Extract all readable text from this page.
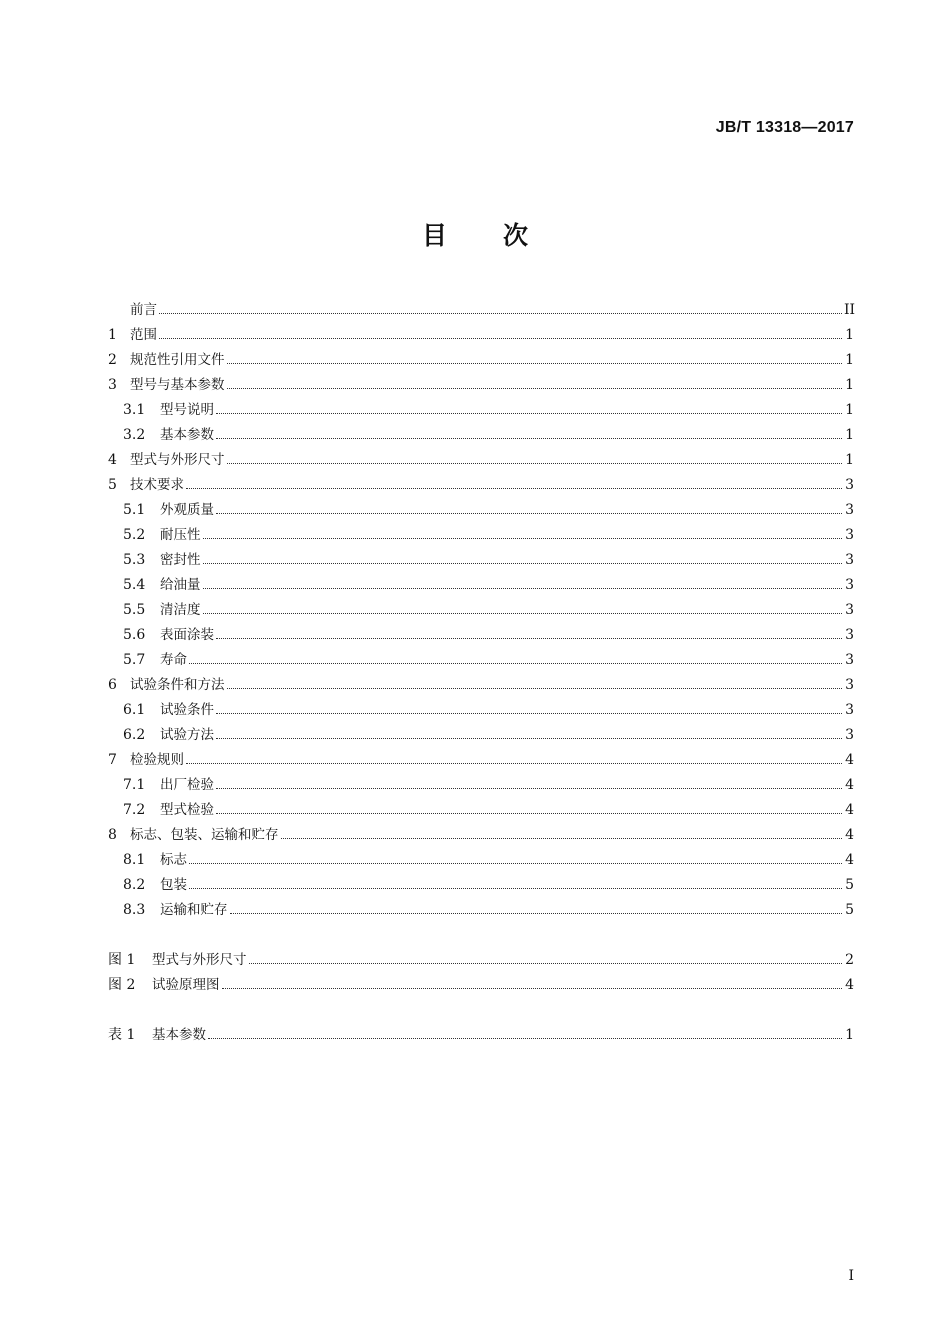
JB/T 13318—2017
目 次
前言	II
1 范围	1
2 规范性引用文件	1
3 型号与基本参数	1
3.1	型号说明	1
3.2	基本参数	1
4 型式与外形尺寸	1
5 技术要求	3
5.1	外观质量	3
5.2	耐压性	3
5.3	密封性	3
5.4	给油量	3
5.5	清洁度	3
5.6	表面涂装	3
5.7	寿命	3
6 试验条件和方法	3
6.1	试验条件	3
6.2	试验方法	3
7 检验规则	4
7.1	出厂检验	4
7.2	型式检验	4
8 标志、包装、运输和贮存	4
8.1	标志	4
8.2	包装	5
8.3	运输和贮存	5
图 1	型式与外形尺寸	2
图 2	试验原理图	4
表 1	基本参数	1
I
